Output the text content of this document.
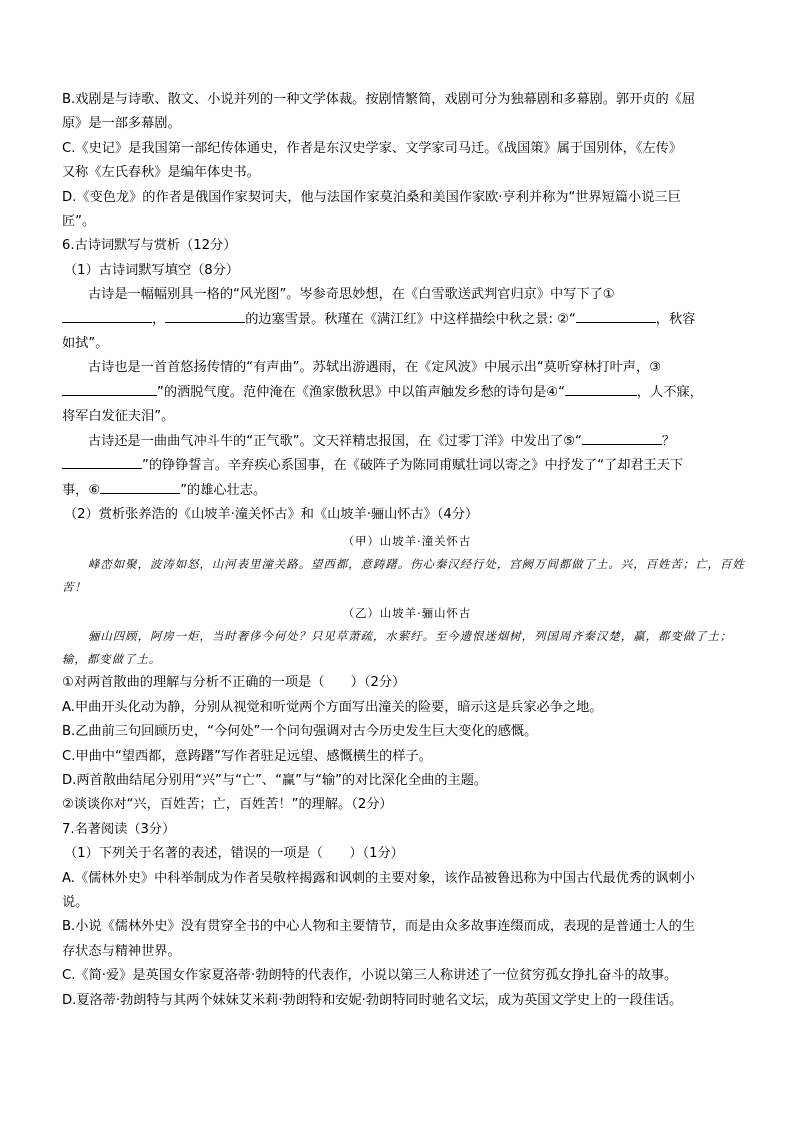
B.戏剧是与诗歌、散文、小说并列的一种文学体裁。按剧情繁简，戏剧可分为独幕剧和多幕剧。郭开贞的《屈

原》是一部多幕剧。

C.《史记》是我国第一部纪传体通史，作者是东汉史学家、文学家司马迁。《战国策》属于国别体，《左传》

又称《左氏春秋》是编年体史书。

D.《变色龙》的作者是俄国作家契诃夫，他与法国作家莫泊桑和美国作家欧·亨利并称为“世界短篇小说三巨

匠”。

6.古诗词默写与赏析（12分）

（1）古诗词默写填空（8分）

古诗是一幅幅别具一格的“风光图”。岑参奇思妙想，在《白雪歌送武判官归京》中写下了①

，	的边塞雪景。秋瑾在《满江红》中这样描绘中秋之景: ②“	，秋容

如拭”。

古诗也是一首首悠扬传情的“有声曲”。苏轼出游遇雨，在《定风波》中展示出“莫听穿林打叶声，③

”的洒脱气度。范仲淹在《渔家傲秋思》中以笛声触发乡愁的诗句是④“	，人不寐，

将军白发征夫泪”。

古诗还是一曲曲气冲斗牛的“正气歌”。文天祥精忠报国，在《过零丁洋》中发出了⑤“	？

”的铮铮誓言。辛弃疾心系国事，在《破阵子为陈同甫赋壮词以寄之》中抒发了“了却君王天下

事，⑥	”的雄心壮志。

（2）赏析张养浩的《山坡羊·潼关怀古》和《山坡羊·骊山怀古》（4分）

（甲）山坡羊·潼关怀古

峰峦如聚，波涛如怒，山河表里潼关路。望西都，意踌躇。伤心秦汉经行处，宫阙万间都做了土。兴，百姓苦；亡，百姓苦！

（乙）山坡羊·骊山怀古

骊山四顾，阿房一炬，当时奢侈今何处？只见草萧疏，水萦纡。至今遗恨迷烟树，列国周齐秦汉楚，赢，都变做了土；输，都变做了土。

①对两首散曲的理解与分析不正确的一项是（　　）（2分）

A.甲曲开头化动为静，分别从视觉和听觉两个方面写出潼关的险要，暗示这是兵家必争之地。

B.乙曲前三句回顾历史，“今何处”一个问句强调对古今历史发生巨大变化的感慨。

C.甲曲中“望西都，意踌躇”写作者驻足远望、感慨横生的样子。

D.两首散曲结尾分别用“兴”与“亡”、“赢”与“输”的对比深化全曲的主题。

②谈谈你对“兴，百姓苦；亡，百姓苦！”的理解。（2分）

7.名著阅读（3分）

（1）下列关于名著的表述，错误的一项是（　　）（1分）

A.《儒林外史》中科举制成为作者吴敬梓揭露和讽刺的主要对象，该作品被鲁迅称为中国古代最优秀的讽刺小

说。

B.小说《儒林外史》没有贯穿全书的中心人物和主要情节，而是由众多故事连缀而成，表现的是普通士人的生

存状态与精神世界。

C.《简·爱》是英国女作家夏洛蒂·勃朗特的代表作，小说以第三人称讲述了一位贫穷孤女挣扎奋斗的故事。

D.夏洛蒂·勃朗特与其两个妹妹艾米莉·勃朗特和安妮·勃朗特同时驰名文坛，成为英国文学史上的一段佳话。
